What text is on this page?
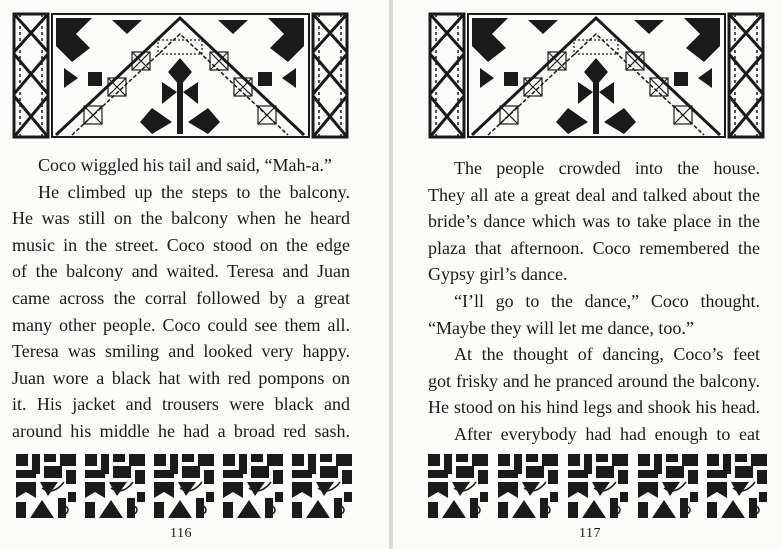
Coco wiggled his tail and said, “Mah-a.”
He climbed up the steps to the balcony.
He was still on the balcony when he heard
music in the street. Coco stood on the edge
of the balcony and waited. Teresa and Juan
came across the corral followed by a great
many other people. Coco could see them all.
Teresa was smiling and looked very happy.
Juan wore a black hat with red pompons on
it. His jacket and trousers were black and
around his middle he had a broad red sash.
116
The people crowded into the house.
They all ate a great deal and talked about the
bride’s dance which was to take place in the
plaza that afternoon. Coco remembered the
Gypsy girl’s dance.
“I’ll go to the dance,” Coco thought.
“Maybe they will let me dance, too.”
At the thought of dancing, Coco’s feet
got frisky and he pranced around the balcony.
He stood on his hind legs and shook his head.
After everybody had had enough to eat
117
